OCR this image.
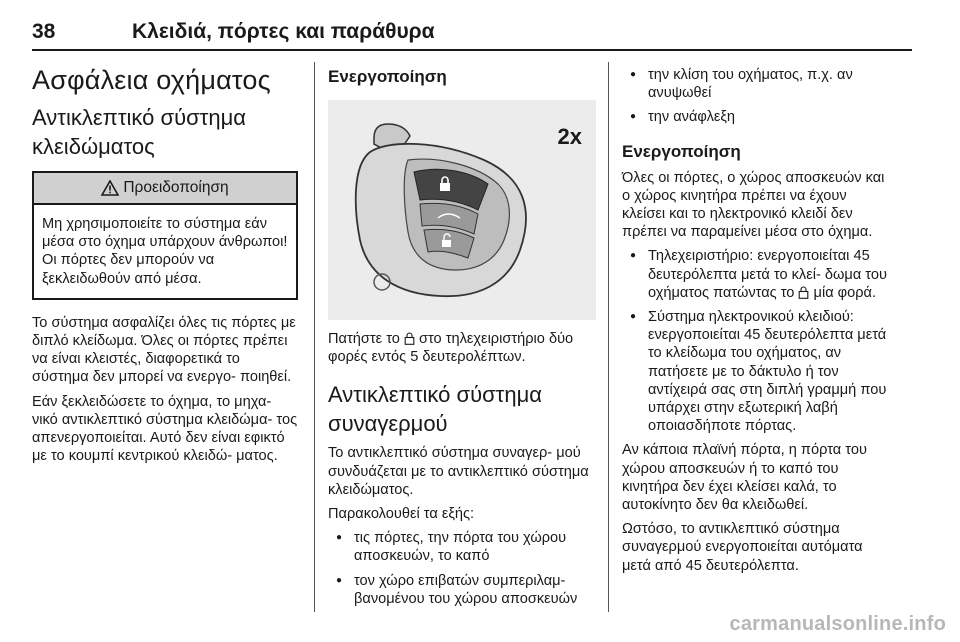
38	Κλειδιά, πόρτες και παράθυρα
Ασφάλεια οχήματος
Αντικλεπτικό σύστημα κλειδώματος
Προειδοποίηση
Μη χρησιμοποιείτε το σύστημα εάν μέσα στο όχημα υπάρχουν άνθρωποι! Οι πόρτες δεν μπορούν να ξεκλειδωθούν από μέσα.
Το σύστημα ασφαλίζει όλες τις πόρτες με διπλό κλείδωμα. Όλες οι πόρτες πρέπει να είναι κλειστές, διαφορετικά το σύστημα δεν μπορεί να ενεργο- ποιηθεί.
Εάν ξεκλειδώσετε το όχημα, το μηχα- νικό αντικλεπτικό σύστημα κλειδώμα- τος απενεργοποιείται. Αυτό δεν είναι εφικτό με το κουμπί κεντρικού κλειδώ- ματος.
Ενεργοποίηση
2x
Πατήστε το  στο τηλεχειριστήριο δύο φορές εντός 5 δευτερολέπτων.
Αντικλεπτικό σύστημα συναγερμού
Το αντικλεπτικό σύστημα συναγερ- μού συνδυάζεται με το αντικλεπτικό σύστημα κλειδώματος.
Παρακολουθεί τα εξής:
● τις πόρτες, την πόρτα του χώρου αποσκευών, το καπό
● τον χώρο επιβατών συμπεριλαμ- βανομένου του χώρου αποσκευών
● την κλίση του οχήματος, π.χ. αν ανυψωθεί
● την ανάφλεξη
Ενεργοποίηση
Όλες οι πόρτες, ο χώρος αποσκευών και ο χώρος κινητήρα πρέπει να έχουν κλείσει και το ηλεκτρονικό κλειδί δεν πρέπει να παραμείνει μέσα στο όχημα.
● Τηλεχειριστήριο: ενεργοποιείται 45 δευτερόλεπτα μετά το κλεί- δωμα του οχήματος πατώντας το  μία φορά.
● Σύστημα ηλεκτρονικού κλειδιού: ενεργοποιείται 45 δευτερόλεπτα μετά το κλείδωμα του οχήματος, αν πατήσετε με το δάκτυλο ή τον αντίχειρά σας στη διπλή γραμμή που υπάρχει στην εξωτερική λαβή οποιασδήποτε πόρτας.
Αν κάποια πλαϊνή πόρτα, η πόρτα του χώρου αποσκευών ή το καπό του κινητήρα δεν έχει κλείσει καλά, το αυτοκίνητο δεν θα κλειδωθεί.
Ωστόσο, το αντικλεπτικό σύστημα συναγερμού ενεργοποιείται αυτόματα μετά από 45 δευτερόλεπτα.
carmanualsonline.info
